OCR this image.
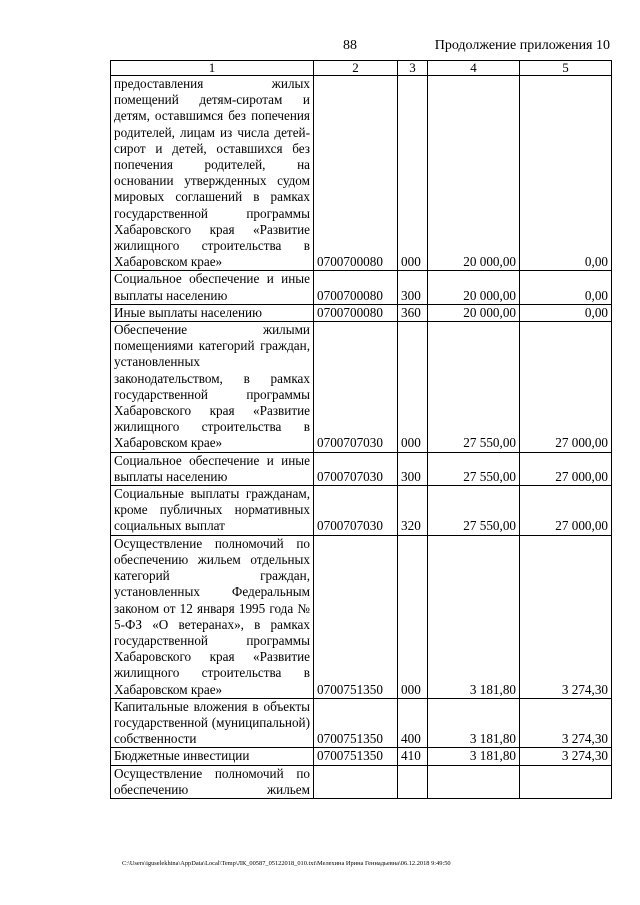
88	Продолжение приложения 10
1	2	3	4	5
предоставления жилых помещений детям-сиротам и детям, оставшимся без попечения родителей, лицам из числа детей-сирот и детей, оставшихся без попечения родителей, на основании утвержденных судом мировых соглашений в рамках государственной программы Хабаровского края «Развитие жилищного строительства в Хабаровском крае»	0700700080	000	20 000,00	0,00
Социальное обеспечение и иные выплаты населению	0700700080	300	20 000,00	0,00
Иные выплаты населению	0700700080	360	20 000,00	0,00
Обеспечение жилыми помещениями категорий граждан, установленных законодательством, в рамках государственной программы Хабаровского края «Развитие жилищного строительства в Хабаровском крае»	0700707030	000	27 550,00	27 000,00
Социальное обеспечение и иные выплаты населению	0700707030	300	27 550,00	27 000,00
Социальные выплаты гражданам, кроме публичных нормативных социальных выплат	0700707030	320	27 550,00	27 000,00
Осуществление полномочий по обеспечению жильем отдельных категорий граждан, установленных Федеральным законом от 12 января 1995 года № 5-ФЗ «О ветеранах», в рамках государственной программы Хабаровского края «Развитие жилищного строительства в Хабаровском крае»	0700751350	000	3 181,80	3 274,30
Капитальные вложения в объекты государственной (муниципальной) собственности	0700751350	400	3 181,80	3 274,30
Бюджетные инвестиции	0700751350	410	3 181,80	3 274,30
Осуществление полномочий по обеспечению жильем				
C:\Users\iguselekhina\AppData\Local\Temp\ЛК_00587_05122018_010.txt\Мелехина Ирина Геннадьевна\06.12.2018 9:49:50
